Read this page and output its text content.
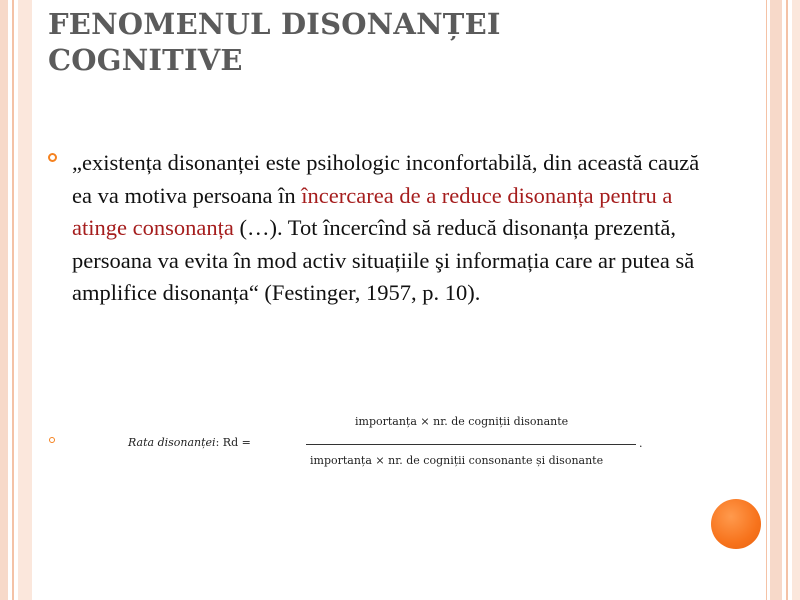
FENOMENUL DISONANȚEI
COGNITIVE

„existența disonanței este psihologic inconfortabilă, din această cauză ea va motiva persoana în încercarea de a reduce disonanța pentru a atinge consonanța (…). Tot încercînd să reducă disonanța prezentă, persoana va evita în mod activ situațiile şi informația care ar putea să amplifice disonanța“ (Festinger, 1957, p. 10).

Rata disonanței: Rd =

importanța × nr. de cogniții disonante

.

importanța × nr. de cogniții consonante și disonante
